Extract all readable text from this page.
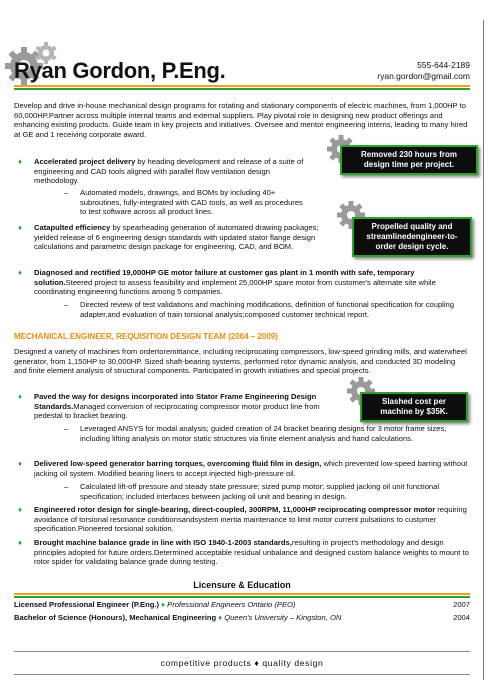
Ryan Gordon, P.Eng.	555-644-2189
ryan.gordon@gmail.com
Develop and drive in-house mechanical design programs for rotating and stationary components of electric machines, from 1,000HP to 60,000HP.Partner across multiple internal teams and external suppliers. Play pivotal role in designing new product offerings and enhancing existing products. Guide team in key projects and initiatives. Oversee and mentor engineering interns, leading to many hired at GE and 1 receiving corporate award.
♦ Accelerated project delivery by heading development and release of a suite of engineering and CAD tools aligned with parallel flow ventilation design methodology.
– Automated models, drawings, and BOMs by including 40+ subroutines, fully-integrated with CAD tools, as well as procedures to test software across all product lines.
♦ Catapulted efficiency by spearheading generation of automated drawing packages; yielded release of 6 engineering design standards with updated stator flange design calculations and parametric design package for engineering, CAD, and BOM.
♦ Diagnosed and rectified 19,000HP GE motor failure at customer gas plant in 1 month with safe, temporary solution.Steered project to assess feasibility and implement 25,000HP spare motor from customer's alternate site while coordinating engineering functions among 5 companies.
– Directed review of test validations and machining modifications, definition of functional specification for coupling adapter,and evaluation of train torsional analysis;composed customer technical report.
Removed 230 hours from design time per project.
Propelled quality and streamlinedengineer-to-order design cycle.
MECHANICAL ENGINEER, REQUISITION DESIGN TEAM (2004 – 2009)
Designed a variety of machines from ordertoremittance, including reciprocating compressors, low-speed grinding mills, and waterwheel generator, from 1,150HP to 30,000HP. Sized shaft-bearing systems, performed rotor dynamic analysis, and conducted 3D modeling and finite element analysis of structural components. Participated in growth initiatives and special projects.
♦ Paved the way for designs incorporated into Stator Frame Engineering Design Standards.Managed conversion of reciprocating compressor motor product line from pedestal to bracket bearing.
– Leveraged ANSYS for modal analysis; guided creation of 24 bracket bearing designs for 3 motor frame sizes, including lifting analysis on motor static structures via finite element analysis and hand calculations.
♦ Delivered low-speed generator barring torques, overcoming fluid film in design, which prevented low-speed barring without jacking oil system. Modified bearing liners to accept injected high-pressure oil.
– Calculated lift-off pressure and steady state pressure; sized pump motor; supplied jacking oil unit functional specification; included interfaces between jacking oil unit and bearing in design.
♦ Engineered rotor design for single-bearing, direct-coupled, 300RPM, 11,000HP reciprocating compressor motor requiring avoidance of torsional resonance conditionsandsystem inertia maintenance to limit motor current pulsations to customer specification.Pioneered torsional solution.
♦ Brought machine balance grade in line with ISO 1940-1-2003 standards,resulting in project's methodology and design principles adopted for future orders.Determined acceptable residual unbalance and designed custom balance weights to mount to rotor spider for validating balance grade during testing.
Slashed cost per machine by $35K.
Licensure & Education
Licensed Professional Engineer (P.Eng.) ♦ Professional Engineers Ontario (PEO)	2007
Bachelor of Science (Honours), Mechanical Engineering ♦ Queen's University – Kingston, ON	2004
competitive products ♦ quality design
